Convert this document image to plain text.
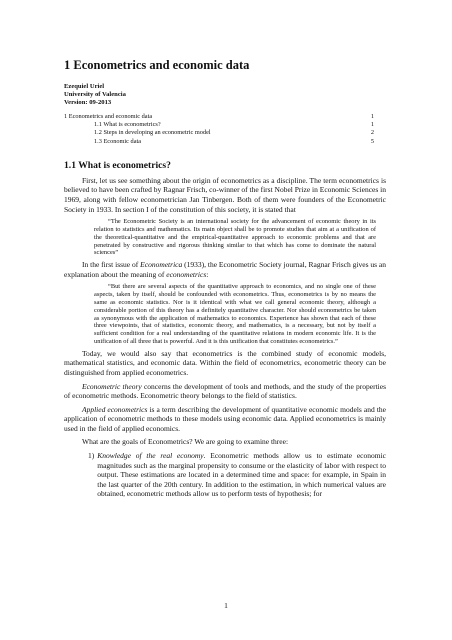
1 Econometrics and economic data
Ezequiel Uriel
University of Valencia
Version: 09-2013
1 Econometrics and economic data	1
1.1 What is econometrics?	1
1.2 Steps in developing an econometric model	2
1.3 Economic data	5
1.1 What is econometrics?

First, let us see something about the origin of econometrics as a discipline. The term econometrics is believed to have been crafted by Ragnar Frisch, co-winner of the first Nobel Prize in Economic Sciences in 1969, along with fellow econometrician Jan Tinbergen. Both of them were founders of the Econometric Society in 1933. In section I of the constitution of this society, it is stated that

“The Econometric Society is an international society for the advancement of economic theory in its relation to statistics and mathematics. Its main object shall be to promote studies that aim at a unification of the theoretical-quantitative and the empirical-quantitative approach to economic problems and that are penetrated by constructive and rigorous thinking similar to that which has come to dominate the natural sciences”

In the first issue of Econometrica (1933), the Econometric Society journal, Ragnar Frisch gives us an explanation about the meaning of econometrics:

“But there are several aspects of the quantitative approach to economics, and no single one of these aspects, taken by itself, should be confounded with econometrics. Thus, econometrics is by no means the same as economic statistics. Nor is it identical with what we call general economic theory, although a considerable portion of this theory has a definitely quantitative character. Nor should econometrics be taken as synonymous with the application of mathematics to economics. Experience has shown that each of these three viewpoints, that of statistics, economic theory, and mathematics, is a necessary, but not by itself a sufficient condition for a real understanding of the quantitative relations in modern economic life. It is the unification of all three that is powerful. And it is this unification that constitutes econometrics.”

Today, we would also say that econometrics is the combined study of economic models, mathematical statistics, and economic data. Within the field of econometrics, econometric theory can be distinguished from applied econometrics.

Econometric theory concerns the development of tools and methods, and the study of the properties of econometric methods. Econometric theory belongs to the field of statistics.

Applied econometrics is a term describing the development of quantitative economic models and the application of econometric methods to these models using economic data. Applied econometrics is mainly used in the field of applied economics.

What are the goals of Econometrics? We are going to examine three:

1) Knowledge of the real economy. Econometric methods allow us to estimate economic magnitudes such as the marginal propensity to consume or the elasticity of labor with respect to output. These estimations are located in a determined time and space: for example, in Spain in the last quarter of the 20th century. In addition to the estimation, in which numerical values are obtained, econometric methods allow us to perform tests of hypothesis; for
1
